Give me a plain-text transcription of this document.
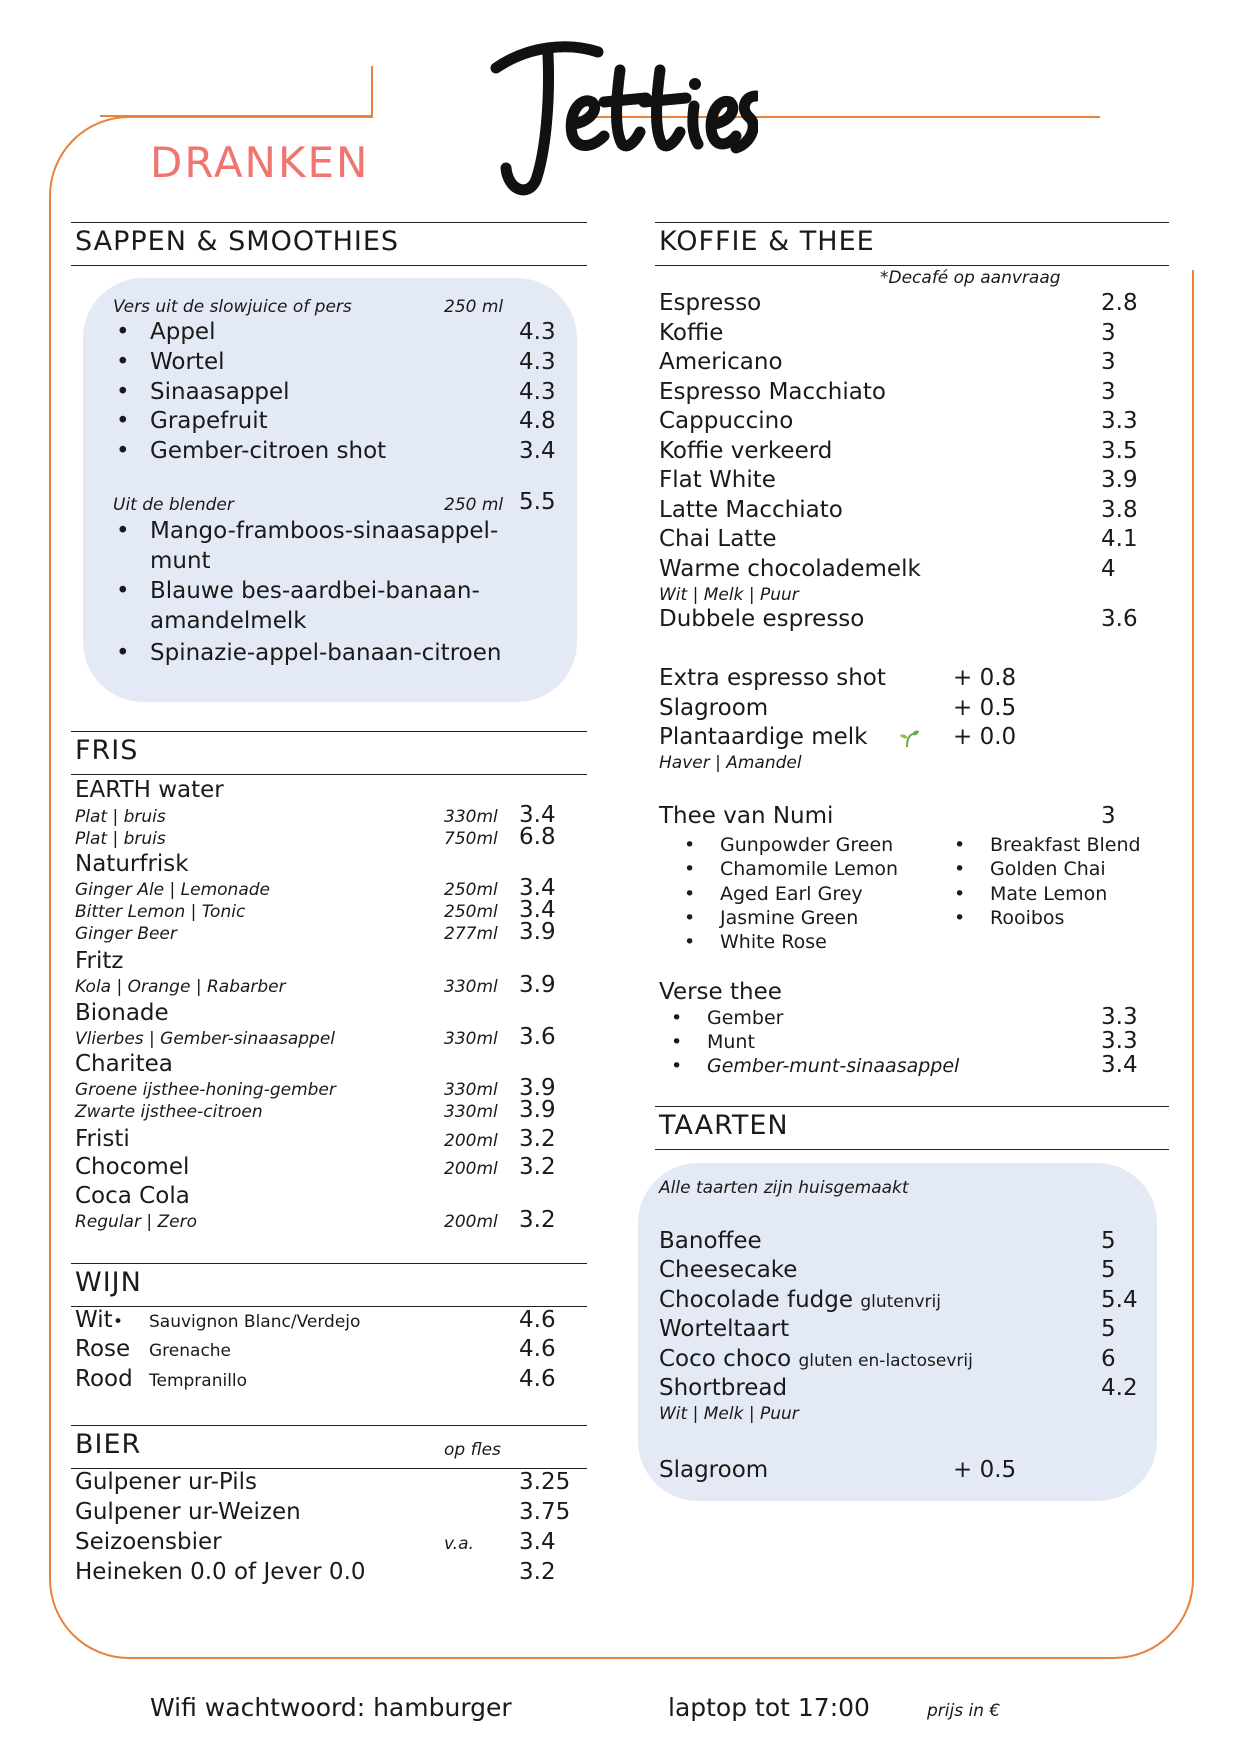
DRANKEN
SAPPEN & SMOOTHIES
Vers uit de slowjuice of pers	250 ml
• Appel	4.3
• Wortel	4.3
• Sinaasappel	4.3
• Grapefruit	4.8
• Gember-citroen shot	3.4
Uit de blender	250 ml 5.5
• Mango-framboos-sinaasappel-
munt
• Blauwe bes-aardbei-banaan-
amandelmelk
• Spinazie-appel-banaan-citroen
FRIS
EARTH water
Plat | bruis	330ml 3.4
Plat | bruis	750ml 6.8
Naturfrisk
Ginger Ale | Lemonade	250ml 3.4
Bitter Lemon | Tonic	250ml 3.4
Ginger Beer	277ml 3.9
Fritz
Kola | Orange | Rabarber	330ml 3.9
Bionade
Vlierbes | Gember-sinaasappel	330ml 3.6
Charitea
Groene ijsthee-honing-gember	330ml 3.9
Zwarte ijsthee-citroen	330ml 3.9
Fristi	200ml 3.2
Chocomel	200ml 3.2
Coca Cola
Regular | Zero	200ml 3.2
WIJN
Wit • Sauvignon Blanc/Verdejo	4.6
Rose Grenache	4.6
Rood Tempranillo	4.6
BIER	op fles
Gulpener ur-Pils	3.25
Gulpener ur-Weizen	3.75
Seizoensbier	v.a. 3.4
Heineken 0.0 of Jever 0.0	3.2
KOFFIE & THEE
*Decafé op aanvraag
Espresso	2.8
Koffie	3
Americano	3
Espresso Macchiato	3
Cappuccino	3.3
Koffie verkeerd	3.5
Flat White	3.9
Latte Macchiato	3.8
Chai Latte	4.1
Warme chocolademelk	4
Wit | Melk | Puur
Dubbele espresso	3.6
Extra espresso shot	+ 0.8
Slagroom	+ 0.5
Plantaardige melk	+ 0.0
Haver | Amandel
Thee van Numi	3
• Gunpowder Green
• Chamomile Lemon
• Aged Earl Grey
• Jasmine Green
• White Rose
• Breakfast Blend
• Golden Chai
• Mate Lemon
• Rooibos
Verse thee
• Gember	3.3
• Munt	3.3
• Gember-munt-sinaasappel	3.4
TAARTEN
Alle taarten zijn huisgemaakt
Banoffee	5
Cheesecake	5
Chocolade fudge glutenvrij	5.4
Worteltaart	5
Coco choco gluten en-lactosevrij	6
Shortbread	4.2
Wit | Melk | Puur
Slagroom	+ 0.5
Wifi wachtwoord: hamburger	laptop tot 17:00	prijs in €
